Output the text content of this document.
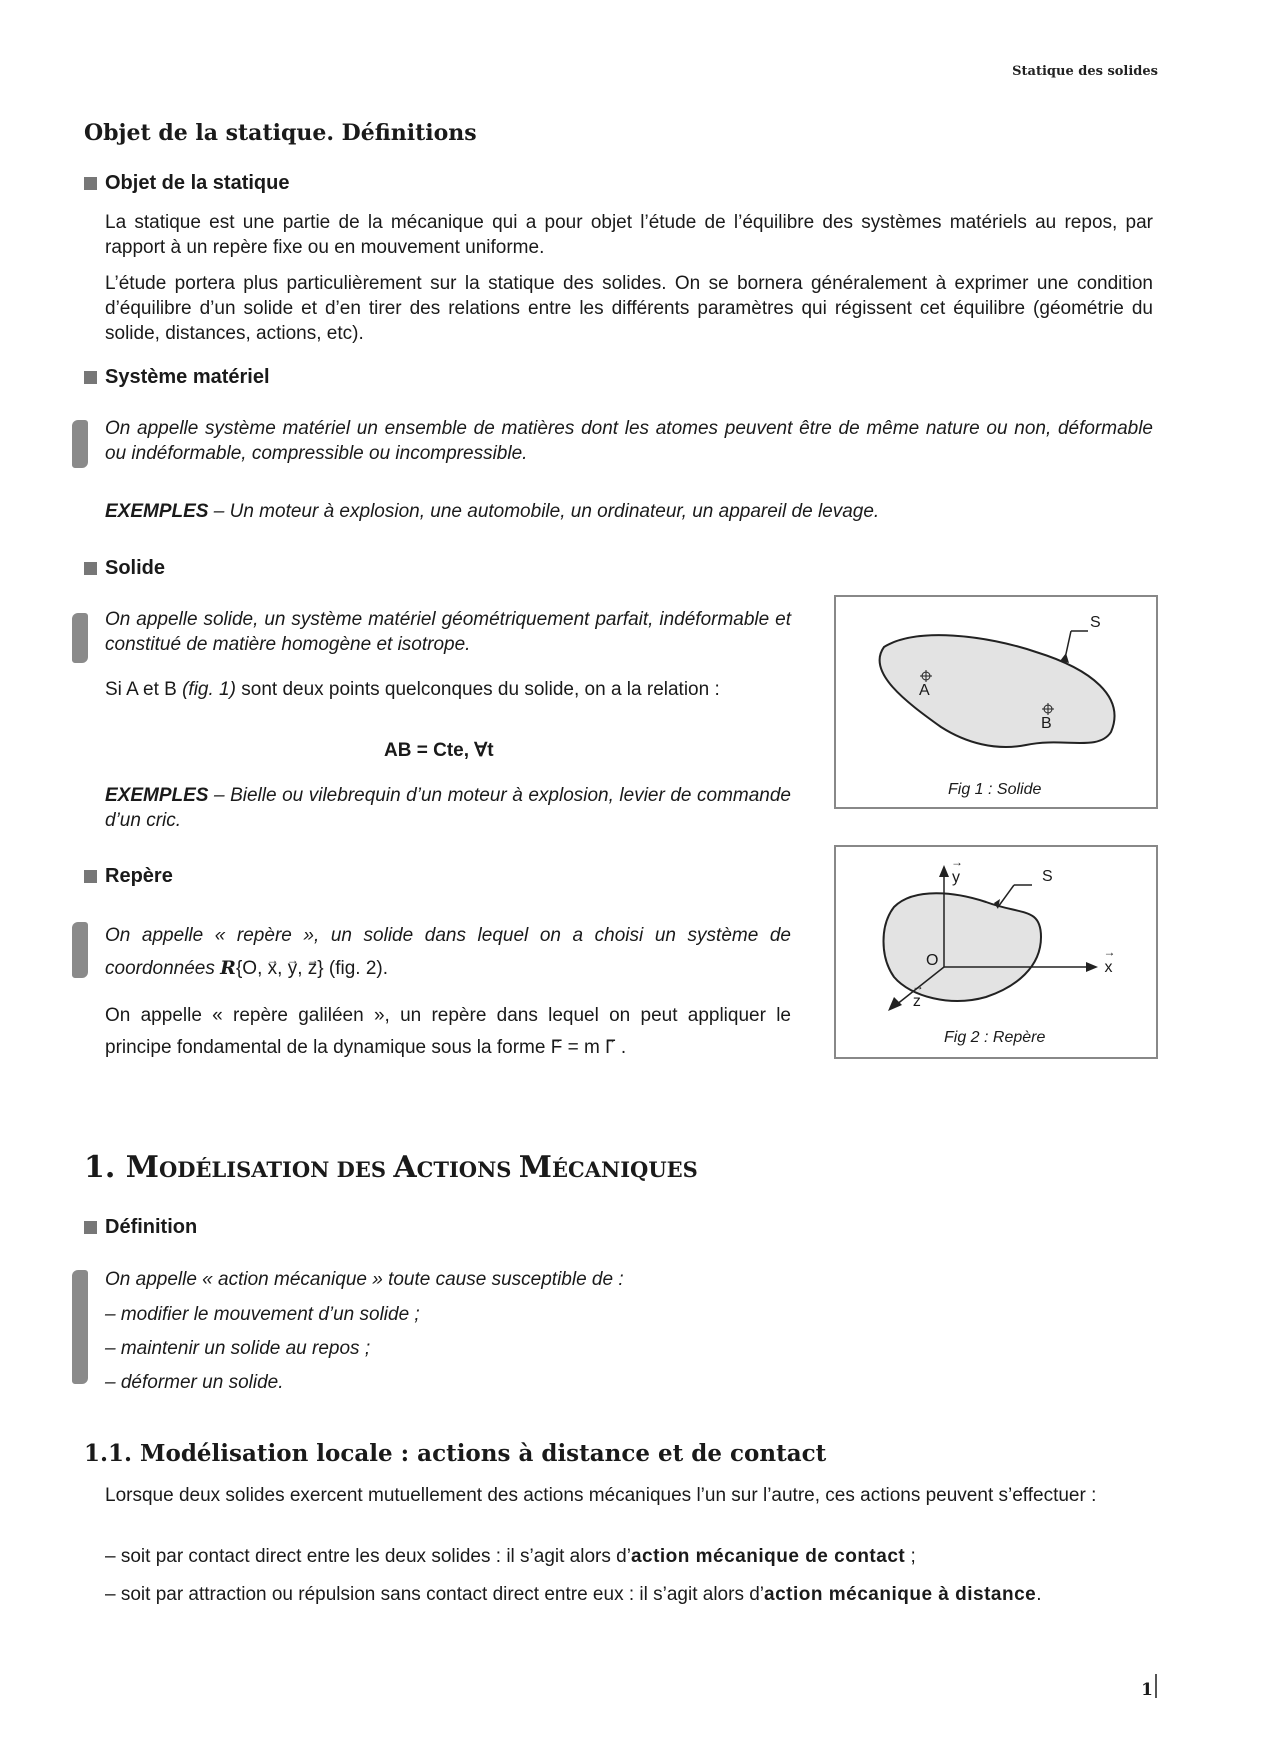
Statique des solides
Objet de la statique. Définitions
Objet de la statique
La statique est une partie de la mécanique qui a pour objet l’étude de l’équilibre des systèmes matériels au repos, par rapport à un repère fixe ou en mouvement uniforme.
L’étude portera plus particulièrement sur la statique des solides. On se bornera généralement à exprimer une condition d’équilibre d’un solide et d’en tirer des relations entre les différents paramètres qui régissent cet équilibre (géométrie du solide, distances, actions, etc).
Système matériel
On appelle système matériel un ensemble de matières dont les atomes peuvent être de même nature ou non, déformable ou indéformable, compressible ou incompressible.
EXEMPLES – Un moteur à explosion, une automobile, un ordinateur, un appareil de levage.
Solide
On appelle solide, un système matériel géométriquement parfait, indéformable et constitué de matière homogène et isotrope.
Si A et B (fig. 1) sont deux points quelconques du solide, on a la relation :
AB = Cte, ∀t
EXEMPLES – Bielle ou vilebrequin d’un moteur à explosion, levier de commande d’un cric.
Repère
On appelle « repère », un solide dans lequel on a choisi un système de coordonnées R{O, x →, y →, z →} (fig. 2).
On appelle « repère galiléen », un repère dans lequel on peut appliquer le principe fondamental de la dynamique sous la forme F → = m Γ → .
S
A
B
Fig 1 : Solide
y →	S
O	x → z →
Fig 2 : Repère
1. MODÉLISATION DES ACTIONS MÉCANIQUES
Définition
On appelle « action mécanique » toute cause susceptible de :
– modifier le mouvement d’un solide ;
– maintenir un solide au repos ;
– déformer un solide.
1.1. Modélisation locale : actions à distance et de contact
Lorsque deux solides exercent mutuellement des actions mécaniques l’un sur l’autre, ces actions peuvent s’effectuer :
– soit par contact direct entre les deux solides : il s’agit alors d’action mécanique de contact ;
– soit par attraction ou répulsion sans contact direct entre eux : il s’agit alors d’action mécanique à distance.
1
